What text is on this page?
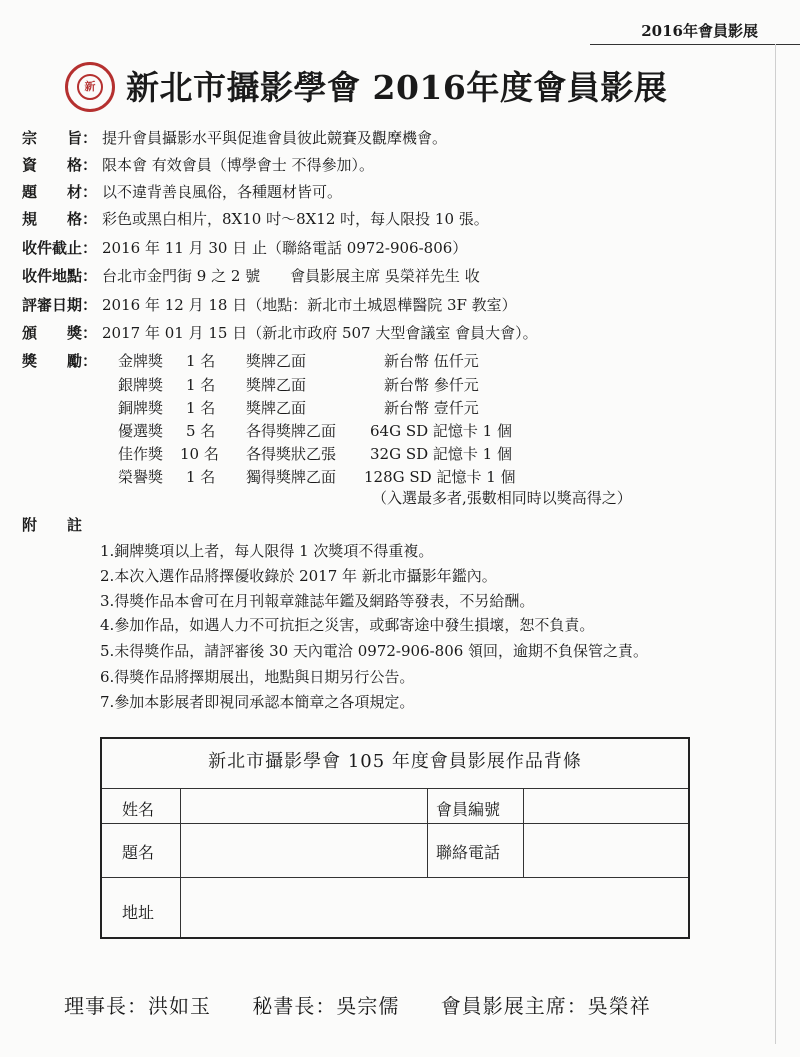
2016年會員影展
新 新北市攝影學會 2016年度會員影展
宗　　旨： 提升會員攝影水平與促進會員彼此競賽及觀摩機會。
資　　格： 限本會 有效會員（博學會士 不得參加）。
題　　材： 以不違背善良風俗，各種題材皆可。
規　　格： 彩色或黑白相片，8X10 吋～8X12 吋，每人限投 10 張。
收件截止： 2016 年 11 月 30 日 止（聯絡電話 0972-906-806）
收件地點： 台北市金門街 9 之 2 號　　會員影展主席 吳榮祥先生 收
評審日期： 2016 年 12 月 18 日（地點：新北市土城恩樺醫院 3F 教室）
頒　　獎： 2017 年 01 月 15 日（新北市政府 507 大型會議室 會員大會）。
獎　　勵：	金牌獎 1 名 獎牌乙面	新台幣 伍仟元
銀牌獎 1 名 獎牌乙面	新台幣 參仟元
銅牌獎 1 名 獎牌乙面	新台幣 壹仟元
優選獎 5 名 各得獎牌乙面 64G SD 記憶卡 1 個
佳作獎 10 名 各得獎狀乙張 32G SD 記憶卡 1 個
榮譽獎 1 名 獨得獎牌乙面 128G SD 記憶卡 1 個
（入選最多者,張數相同時以獎高得之）
附　　註
1.銅牌獎項以上者，每人限得 1 次獎項不得重複。
2.本次入選作品將擇優收錄於 2017 年 新北市攝影年鑑內。
3.得獎作品本會可在月刊報章雜誌年鑑及網路等發表，不另給酬。
4.參加作品，如遇人力不可抗拒之災害，或郵寄途中發生損壞，恕不負責。
5.未得獎作品，請評審後 30 天內電洽 0972-906-806 領回，逾期不負保管之責。
6.得獎作品將擇期展出，地點與日期另行公告。
7.參加本影展者即視同承認本簡章之各項規定。
新北市攝影學會 105 年度會員影展作品背條
姓名	會員編號
題名	聯絡電話
地址
理事長：洪如玉 秘書長：吳宗儒 會員影展主席：吳榮祥
